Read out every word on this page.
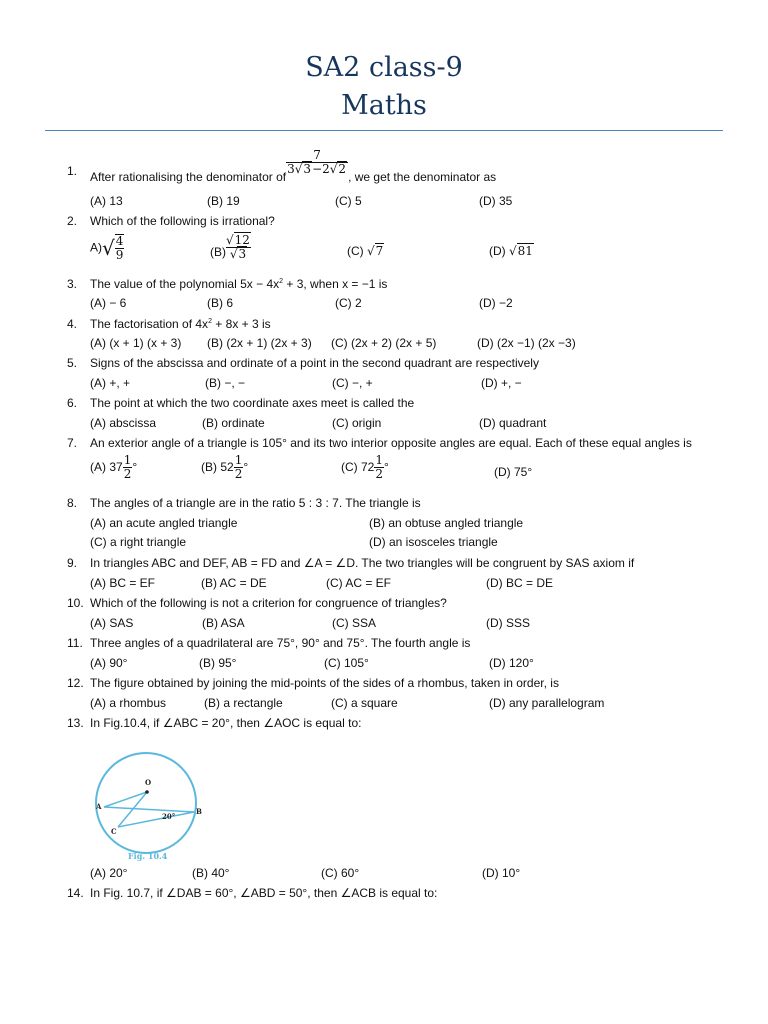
SA2 class-9
Maths
1. After rationalising the denominator of
$\frac{7}{3√3-2√2}$
, we get the denominator as
(A) 13	(B) 19	(C) 5	(D) 35
2. Which of the following is irrational?
$A)√ \frac{4}{9}$	$(B) \frac{√12}{√3}$	(C) √7	(D) √81
3. The value of the polynomial $5x - 4x^2 + 3$, when x = −1 is
(A) − 6	(B) 6	(C) 2	(D) −2
4. The factorisation of $4x^2 + 8x + 3$ is
(A) (x + 1) (x + 3) (B) (2x + 1) (2x + 3) (C) (2x + 2) (2x + 5)	(D) (2x −1) (2x −3)
5. Signs of the abscissa and ordinate of a point in the second quadrant are respectively
(A) +, +	(B) −, −	(C) −, +	(D) +, −
6. The point at which the two coordinate axes meet is called the
(A) abscissa	(B) ordinate	(C) origin	(D) quadrant
7. An exterior angle of a triangle is 105° and its two interior opposite angles are equal. Each of these equal angles is
(A) $37 \frac{1}{2}$ °	(B) $52 \frac{1}{2}$ °	(C) $72 \frac{1}{2}$ °	(D) 75°
8. The angles of a triangle are in the ratio 5 : 3 : 7. The triangle is
(A) an acute angled triangle	(B) an obtuse angled triangle
(C) a right triangle	(D) an isosceles triangle
9. In triangles ABC and DEF, AB = FD and ∠A = ∠D. The two triangles will be congruent by SAS axiom if
(A) BC = EF	(B) AC = DE	(C) AC = EF	(D) BC = DE
10. Which of the following is not a criterion for congruence of triangles?
(A) SAS	(B) ASA	(C) SSA	(D) SSS
11. Three angles of a quadrilateral are 75°, 90° and 75°. The fourth angle is
(A) 90°	(B) 95°	(C) 105°	(D) 120°
12. The figure obtained by joining the mid-points of the sides of a rhombus, taken in order, is
(A) a rhombus	(B) a rectangle	(C) a square	(D) any parallelogram
13. In Fig.10.4, if ∠ABC = 20°, then ∠AOC is equal to:
O
A
B
C
20°
Fig. 10.4
(A) 20°	(B) 40°	(C) 60°	(D) 10°
14. In Fig. 10.7, if ∠DAB = 60°, ∠ABD = 50°, then ∠ACB is equal to:
